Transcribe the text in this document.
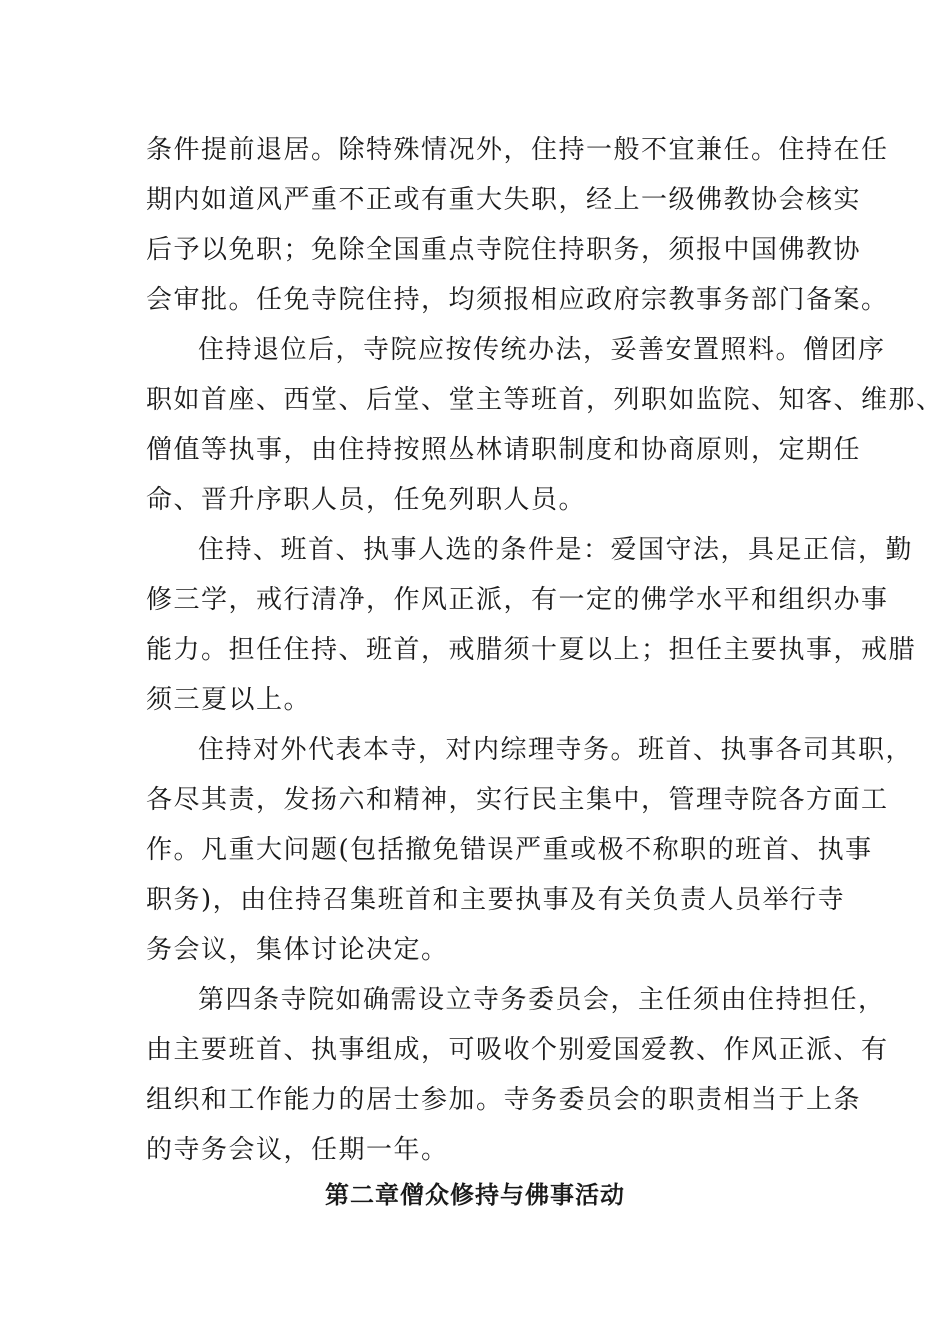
条件提前退居。除特殊情况外，住持一般不宜兼任。住持在任
期内如道风严重不正或有重大失职，经上一级佛教协会核实
后予以免职；免除全国重点寺院住持职务，须报中国佛教协
会审批。任免寺院住持，均须报相应政府宗教事务部门备案。
住持退位后，寺院应按传统办法，妥善安置照料。僧团序
职如首座、西堂、后堂、堂主等班首，列职如监院、知客、维那、
僧值等执事，由住持按照丛林请职制度和协商原则，定期任
命、晋升序职人员，任免列职人员。
住持、班首、执事人选的条件是：爱国守法，具足正信，勤
修三学，戒行清净，作风正派，有一定的佛学水平和组织办事
能力。担任住持、班首，戒腊须十夏以上；担任主要执事，戒腊
须三夏以上。
住持对外代表本寺，对内综理寺务。班首、执事各司其职，
各尽其责，发扬六和精神，实行民主集中，管理寺院各方面工
作。凡重大问题(包括撤免错误严重或极不称职的班首、执事
职务)，由住持召集班首和主要执事及有关负责人员举行寺
务会议，集体讨论决定。
第四条寺院如确需设立寺务委员会，主任须由住持担任，
由主要班首、执事组成，可吸收个别爱国爱教、作风正派、有
组织和工作能力的居士参加。寺务委员会的职责相当于上条
的寺务会议，任期一年。
第二章僧众修持与佛事活动
